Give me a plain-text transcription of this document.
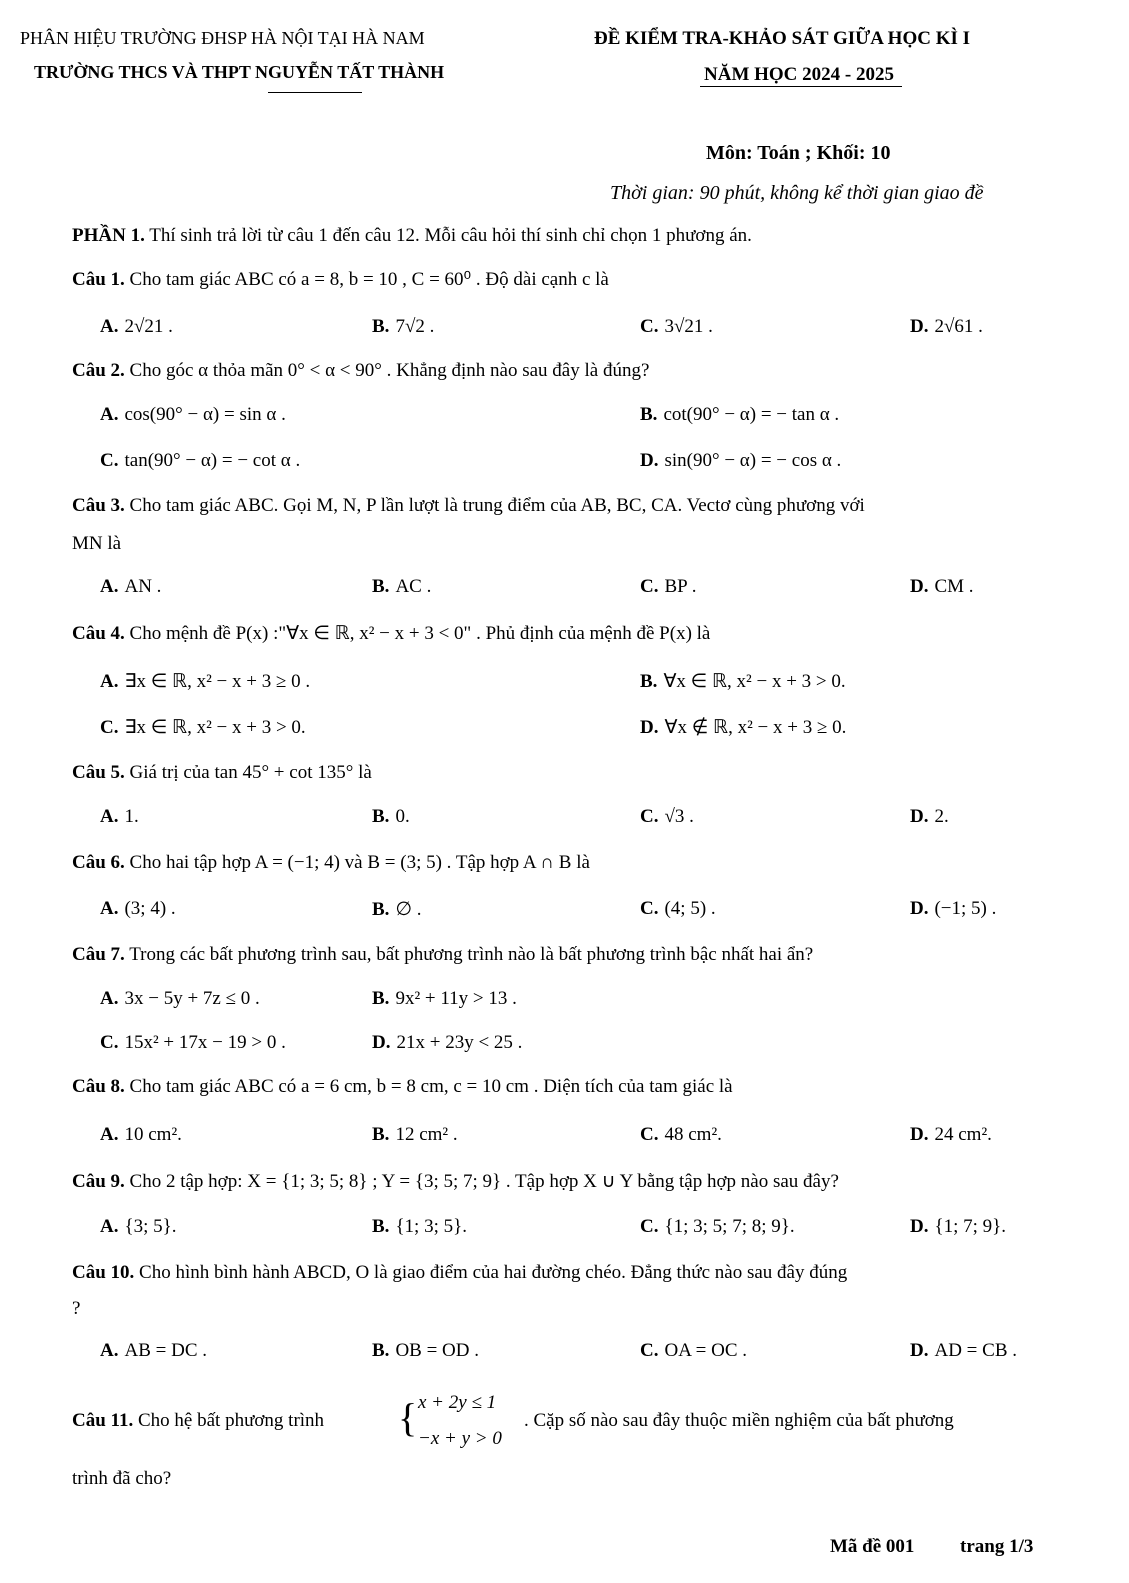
PHÂN HIỆU TRƯỜNG ĐHSP HÀ NỘI TẠI HÀ NAM
TRƯỜNG THCS VÀ THPT NGUYỄN TẤT THÀNH
ĐỀ KIỂM TRA-KHẢO SÁT GIỮA HỌC KÌ I
NĂM HỌC 2024 - 2025
Môn: Toán ; Khối: 10
Thời gian: 90 phút, không kể thời gian giao đề
PHẦN 1. Thí sinh trả lời từ câu 1 đến câu 12. Mỗi câu hỏi thí sinh chỉ chọn 1 phương án.
Câu 1. Cho tam giác ABC có a = 8, b = 10 , C = 60⁰ . Độ dài cạnh c là
A. 2√21 .	B. 7√2 .	C. 3√21 .	D. 2√61 .
Câu 2. Cho góc α thỏa mãn 0° < α < 90° . Khẳng định nào sau đây là đúng?
A. cos(90° − α) = sin α .	B. cot(90° − α) = − tan α .
C. tan(90° − α) = − cot α .	D. sin(90° − α) = − cos α .
Câu 3. Cho tam giác ABC. Gọi M, N, P lần lượt là trung điểm của AB, BC, CA. Vectơ cùng phương với
MN là
A. AN .	B. AC .	C. BP .	D. CM .
Câu 4. Cho mệnh đề P(x) :"∀x ∈ ℝ, x² − x + 3 < 0" . Phủ định của mệnh đề P(x) là
A. ∃x ∈ ℝ, x² − x + 3 ≥ 0 .	B. ∀x ∈ ℝ, x² − x + 3 > 0.
C. ∃x ∈ ℝ, x² − x + 3 > 0.	D. ∀x ∉ ℝ, x² − x + 3 ≥ 0.
Câu 5. Giá trị của tan 45° + cot 135° là
A. 1.	B. 0.	C. √3 .	D. 2.
Câu 6. Cho hai tập hợp A = (−1; 4) và B = (3; 5) . Tập hợp A ∩ B là
A. (3; 4) .	B. ∅ .	C. (4; 5) .	D. (−1; 5) .
Câu 7. Trong các bất phương trình sau, bất phương trình nào là bất phương trình bậc nhất hai ẩn?
A. 3x − 5y + 7z ≤ 0 .	B. 9x² + 11y > 13 .
C. 15x² + 17x − 19 > 0 .	D. 21x + 23y < 25 .
Câu 8. Cho tam giác ABC có a = 6 cm, b = 8 cm, c = 10 cm . Diện tích của tam giác là
A. 10 cm².	B. 12 cm² .	C. 48 cm².	D. 24 cm².
Câu 9. Cho 2 tập hợp: X = {1; 3; 5; 8} ; Y = {3; 5; 7; 9} . Tập hợp X ∪ Y bằng tập hợp nào sau đây?
A. {3; 5}.	B. {1; 3; 5}.	C. {1; 3; 5; 7; 8; 9}.	D. {1; 7; 9}.
Câu 10. Cho hình bình hành ABCD, O là giao điểm của hai đường chéo. Đẳng thức nào sau đây đúng
?
A. AB = DC .	B. OB = OD .	C. OA = OC .	D. AD = CB .
Câu 11. Cho hệ bất phương trình { x + 2y ≤ 1
−x + y > 0
. Cặp số nào sau đây thuộc miền nghiệm của bất phương
trình đã cho?
Mã đề 001 trang 1/3
